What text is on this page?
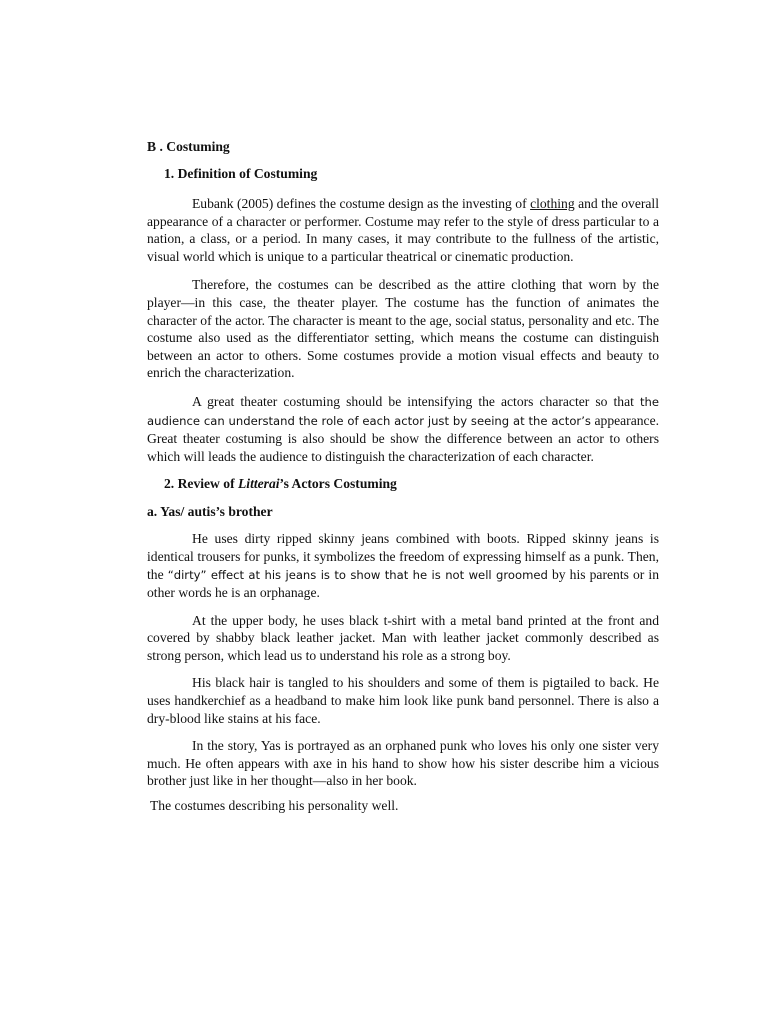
B . Costuming
1. Definition of Costuming

Eubank (2005) defines the costume design as the investing of clothing and the overall appearance of a character or performer. Costume may refer to the style of dress particular to a nation, a class, or a period. In many cases, it may contribute to the fullness of the artistic, visual world which is unique to a particular theatrical or cinematic production.

Therefore, the costumes can be described as the attire clothing that worn by the player—in this case, the theater player. The costume has the function of animates the character of the actor. The character is meant to the age, social status, personality and etc. The costume also used as the differentiator setting, which means the costume can distinguish between an actor to others. Some costumes provide a motion visual effects and beauty to enrich the characterization.

A great theater costuming should be intensifying the actors character so that the audience can understand the role of each actor just by seeing at the actor’s appearance. Great theater costuming is also should be show the difference between an actor to others which will leads the audience to distinguish the characterization of each character.

2. Review of Litterai’s Actors Costuming
a. Yas/ autis’s brother

He uses dirty ripped skinny jeans combined with boots. Ripped skinny jeans is identical trousers for punks, it symbolizes the freedom of expressing himself as a punk. Then, the “dirty” effect at his jeans is to show that he is not well groomed by his parents or in other words he is an orphanage.

At the upper body, he uses black t-shirt with a metal band printed at the front and covered by shabby black leather jacket. Man with leather jacket commonly described as strong person, which lead us to understand his role as a strong boy.

His black hair is tangled to his shoulders and some of them is pigtailed to back. He uses handkerchief as a headband to make him look like punk band personnel. There is also a dry-blood like stains at his face.

In the story, Yas is portrayed as an orphaned punk who loves his only one sister very much. He often appears with axe in his hand to show how his sister describe him a vicious brother just like in her thought—also in her book.

The costumes describing his personality well.
